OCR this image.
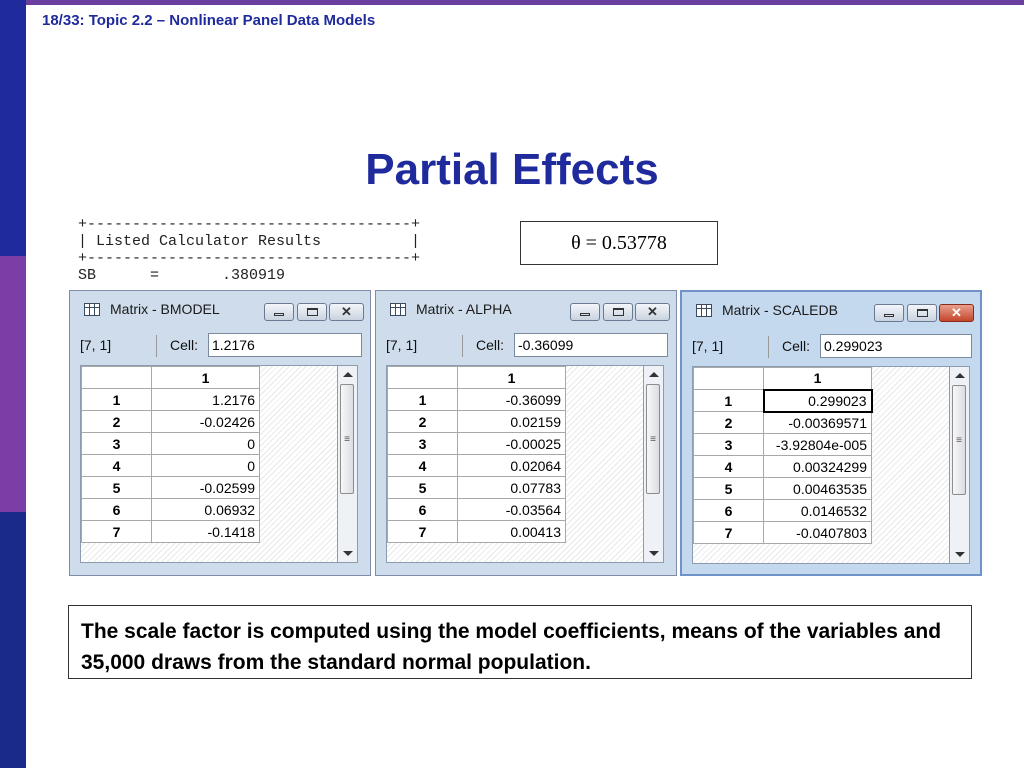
18/33: Topic 2.2 – Nonlinear Panel Data Models
Partial Effects
+------------------------------------+
| Listed Calculator Results          |
+------------------------------------+
SB      =       .380919
θ = 0.53778
Matrix - BMODEL	✕
[7, 1]	Cell: 1.2176
	1
1	1.2176
2	-0.02426
3	0
4	0
5	-0.02599
6	0.06932
7	-0.1418
≡
Matrix - ALPHA	✕
[7, 1]	Cell: -0.36099
	1
1	-0.36099
2	0.02159
3	-0.00025
4	0.02064
5	0.07783
6	-0.03564
7	0.00413
≡
Matrix - SCALEDB	✕
[7, 1]	Cell: 0.299023
	1
1	0.299023
2	-0.00369571
3	-3.92804e-005
4	0.00324299
5	0.00463535
6	0.0146532
7	-0.0407803
≡
The scale factor is computed using the model coefficients, means of the variables and 35,000 draws from the standard normal population.
